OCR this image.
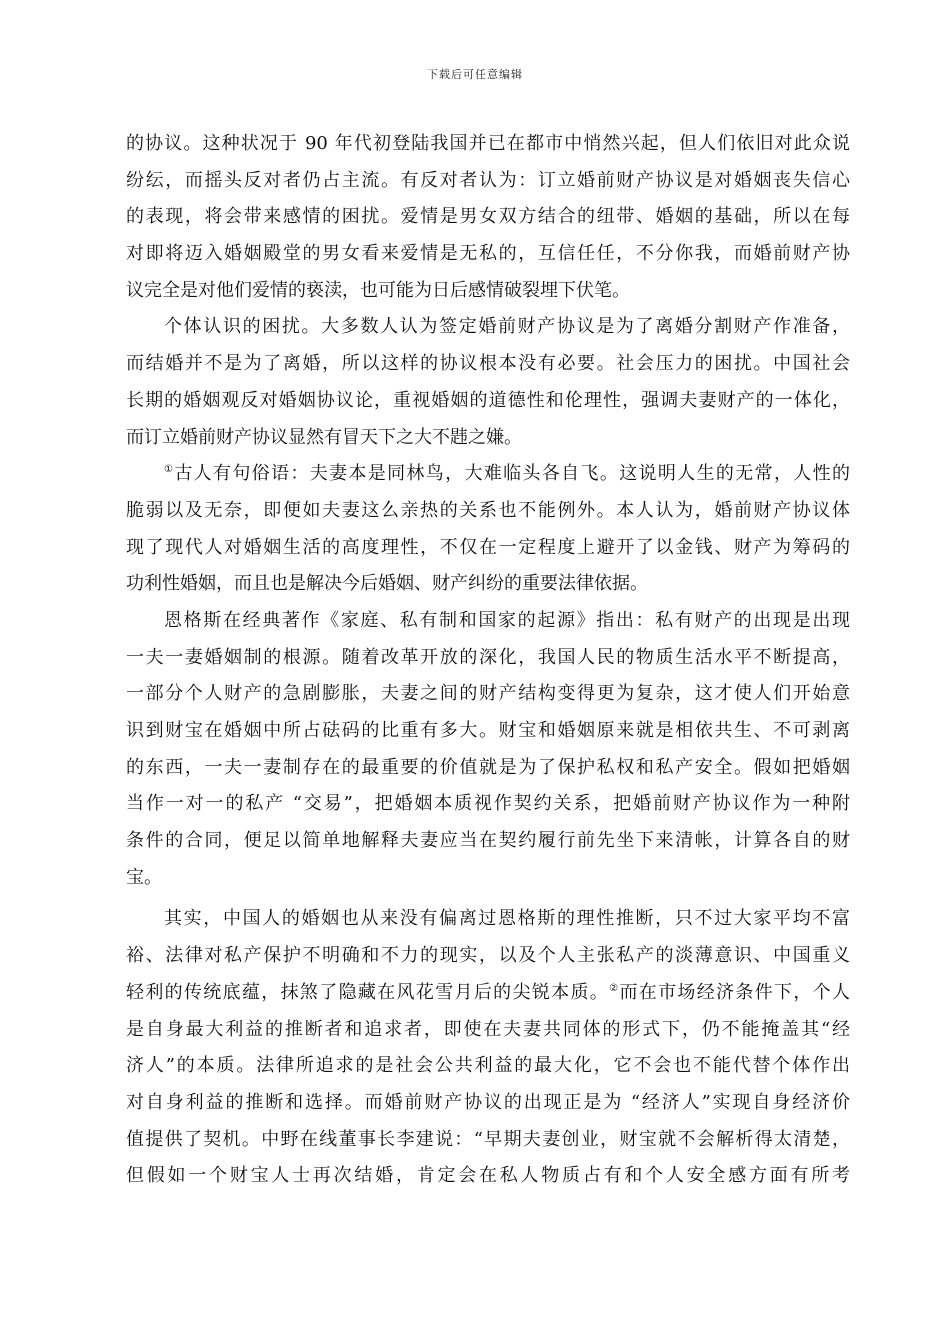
下载后可任意编辑
的协议。这种状况于 90 年代初登陆我国并已在都市中悄然兴起，但人们依旧对此众说
纷纭，而摇头反对者仍占主流。有反对者认为：订立婚前财产协议是对婚姻丧失信心
的表现，将会带来感情的困扰。爱情是男女双方结合的纽带、婚姻的基础，所以在每
对即将迈入婚姻殿堂的男女看来爱情是无私的，互信任任，不分你我，而婚前财产协
议完全是对他们爱情的亵渎，也可能为日后感情破裂埋下伏笔。
个体认识的困扰。大多数人认为签定婚前财产协议是为了离婚分割财产作准备，
而结婚并不是为了离婚，所以这样的协议根本没有必要。社会压力的困扰。中国社会
长期的婚姻观反对婚姻协议论，重视婚姻的道德性和伦理性，强调夫妻财产的一体化，
而订立婚前财产协议显然有冒天下之大不韪之嫌。
①古人有句俗语：夫妻本是同林鸟，大难临头各自飞。这说明人生的无常，人性的
脆弱以及无奈，即便如夫妻这么亲热的关系也不能例外。本人认为，婚前财产协议体
现了现代人对婚姻生活的高度理性，不仅在一定程度上避开了以金钱、财产为筹码的
功利性婚姻，而且也是解决今后婚姻、财产纠纷的重要法律依据。
恩格斯在经典著作《家庭、私有制和国家的起源》指出：私有财产的出现是出现
一夫一妻婚姻制的根源。随着改革开放的深化，我国人民的物质生活水平不断提高，
一部分个人财产的急剧膨胀，夫妻之间的财产结构变得更为复杂，这才使人们开始意
识到财宝在婚姻中所占砝码的比重有多大。财宝和婚姻原来就是相依共生、不可剥离
的东西，一夫一妻制存在的最重要的价值就是为了保护私权和私产安全。假如把婚姻
当作一对一的私产 “交易”，把婚姻本质视作契约关系，把婚前财产协议作为一种附
条件的合同，便足以简单地解释夫妻应当在契约履行前先坐下来清帐，计算各自的财
宝。
其实，中国人的婚姻也从来没有偏离过恩格斯的理性推断，只不过大家平均不富
裕、法律对私产保护不明确和不力的现实，以及个人主张私产的淡薄意识、中国重义
轻利的传统底蕴，抹煞了隐藏在风花雪月后的尖锐本质。②而在市场经济条件下，个人
是自身最大利益的推断者和追求者，即使在夫妻共同体的形式下，仍不能掩盖其“经
济人”的本质。法律所追求的是社会公共利益的最大化，它不会也不能代替个体作出
对自身利益的推断和选择。而婚前财产协议的出现正是为 “经济人”实现自身经济价
值提供了契机。中野在线董事长李建说：“早期夫妻创业，财宝就不会解析得太清楚，
但假如一个财宝人士再次结婚，肯定会在私人物质占有和个人安全感方面有所考
